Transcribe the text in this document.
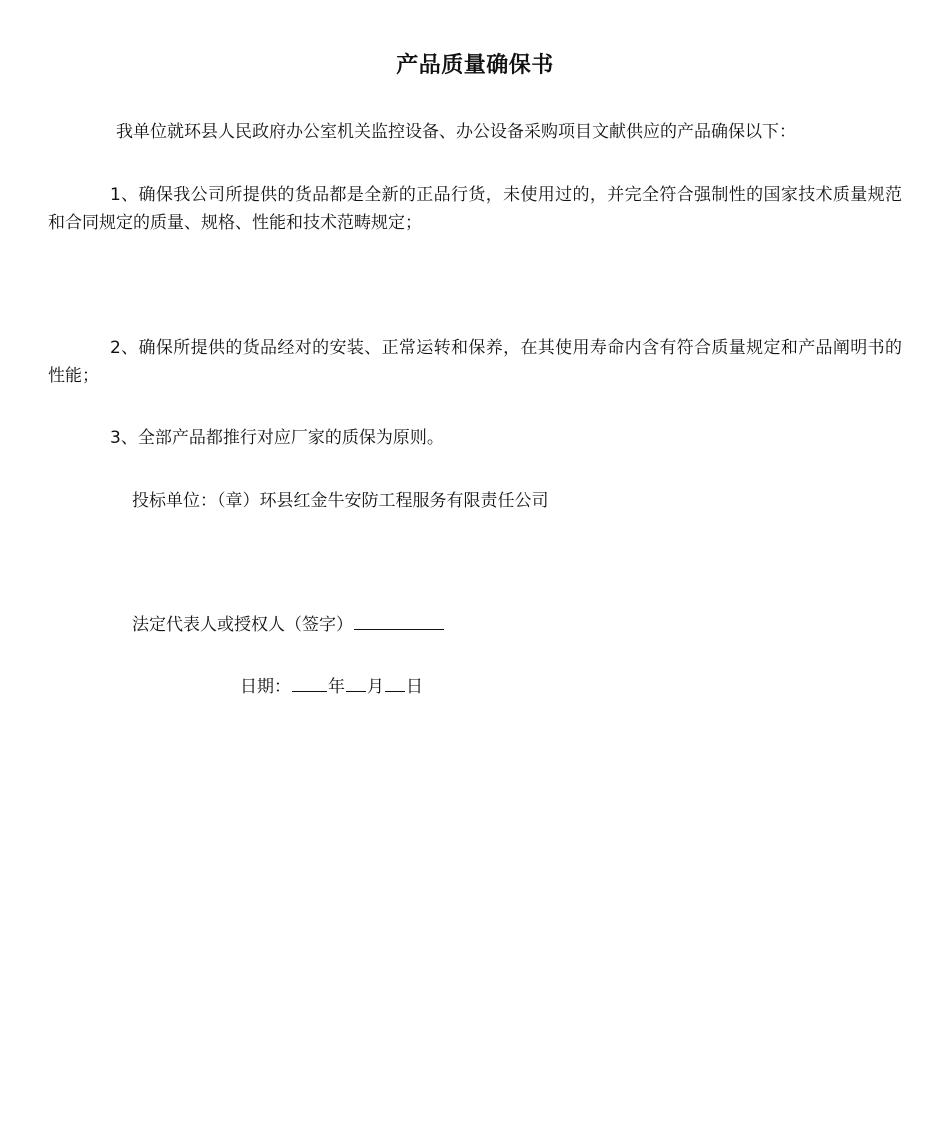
产品质量确保书
我单位就环县人民政府办公室机关监控设备、办公设备采购项目文献供应的产品确保以下：
1、确保我公司所提供的货品都是全新的正品行货，未使用过的，并完全符合强制性的国家技术质量规范和合同规定的质量、规格、性能和技术范畴规定；
2、确保所提供的货品经对的安装、正常运转和保养，在其使用寿命内含有符合质量规定和产品阐明书的性能；
3、全部产品都推行对应厂家的质保为原则。
投标单位：（章）环县红金牛安防工程服务有限责任公司
法定代表人或授权人（签字）
日期： 年 月 日
